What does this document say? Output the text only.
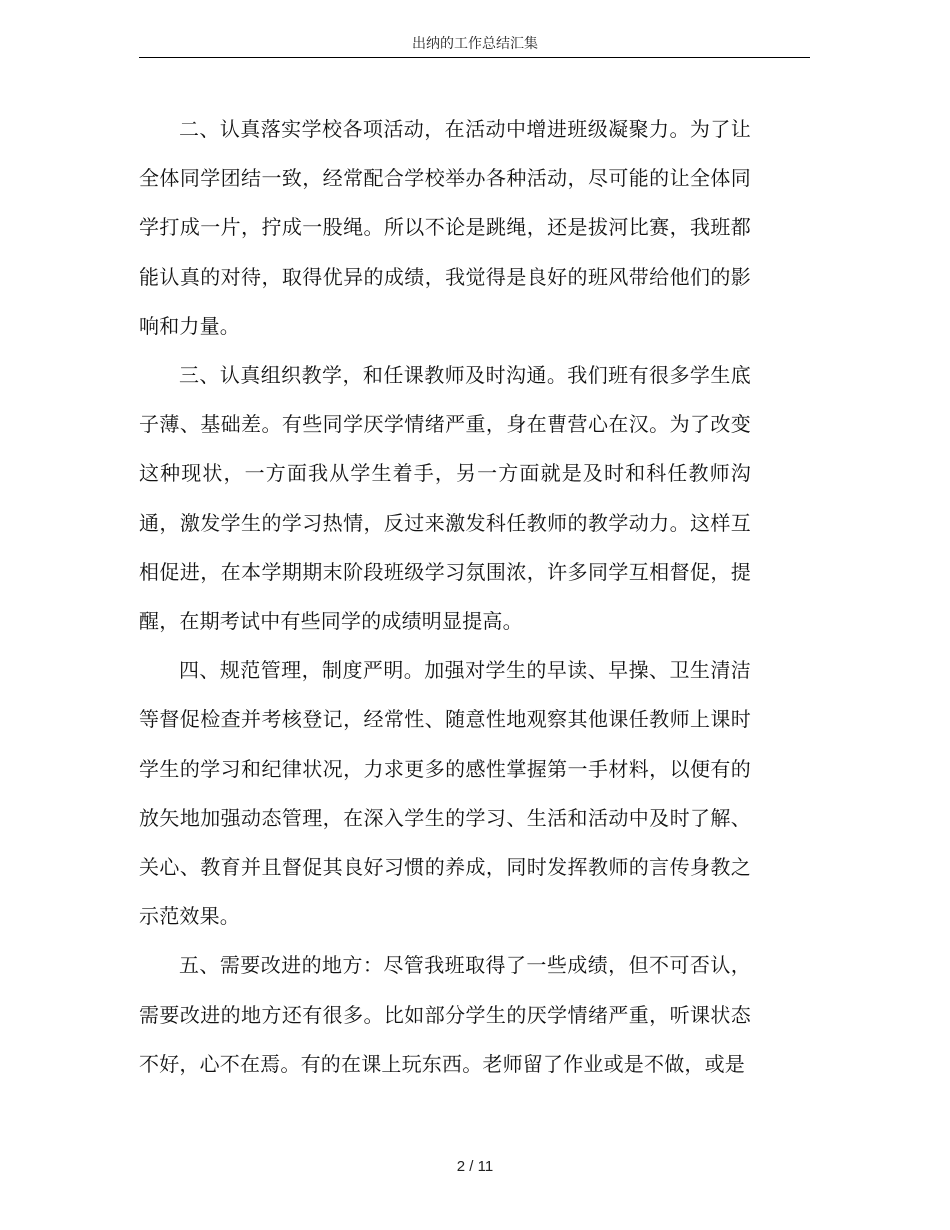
出纳的工作总结汇集

二、认真落实学校各项活动，在活动中增进班级凝聚力。为了让全体同学团结一致，经常配合学校举办各种活动，尽可能的让全体同学打成一片，拧成一股绳。所以不论是跳绳，还是拔河比赛，我班都能认真的对待，取得优异的成绩，我觉得是良好的班风带给他们的影响和力量。

三、认真组织教学，和任课教师及时沟通。我们班有很多学生底子薄、基础差。有些同学厌学情绪严重，身在曹营心在汉。为了改变这种现状，一方面我从学生着手，另一方面就是及时和科任教师沟通，激发学生的学习热情，反过来激发科任教师的教学动力。这样互相促进，在本学期期末阶段班级学习氛围浓，许多同学互相督促，提醒，在期考试中有些同学的成绩明显提高。

四、规范管理，制度严明。加强对学生的早读、早操、卫生清洁等督促检查并考核登记，经常性、随意性地观察其他课任教师上课时学生的学习和纪律状况，力求更多的感性掌握第一手材料，以便有的放矢地加强动态管理，在深入学生的学习、生活和活动中及时了解、关心、教育并且督促其良好习惯的养成，同时发挥教师的言传身教之示范效果。

五、需要改进的地方：尽管我班取得了一些成绩，但不可否认，需要改进的地方还有很多。比如部分学生的厌学情绪严重，听课状态不好，心不在焉。有的在课上玩东西。老师留了作业或是不做，或是

2 / 11
